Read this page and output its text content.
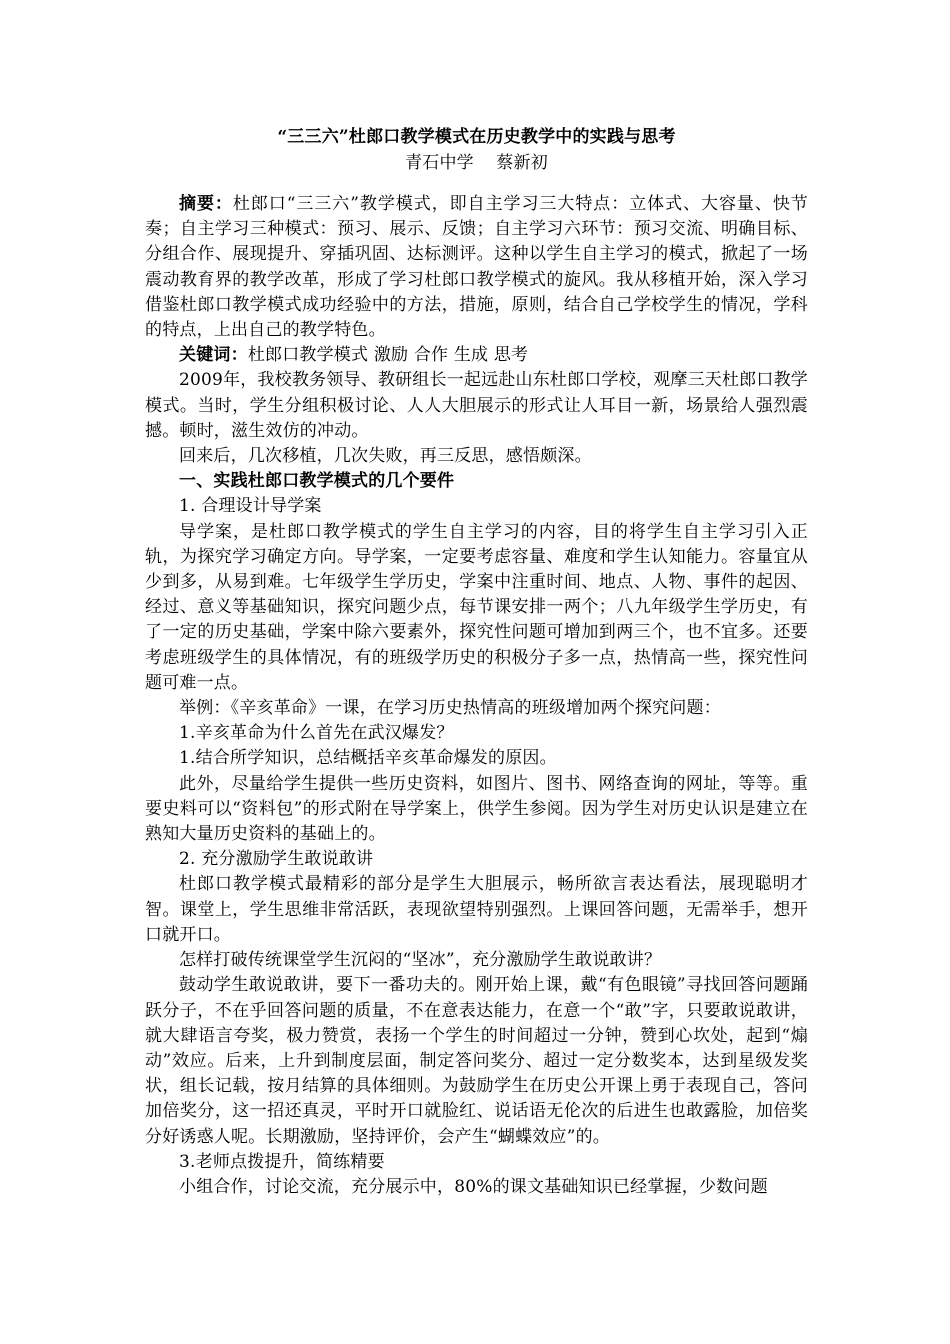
“三三六”杜郎口教学模式在历史教学中的实践与思考
青石中学    蔡新初

摘要：杜郎口“三三六”教学模式，即自主学习三大特点：立体式、大容量、快节奏；自主学习三种模式：预习、展示、反馈；自主学习六环节：预习交流、明确目标、分组合作、展现提升、穿插巩固、达标测评。这种以学生自主学习的模式，掀起了一场震动教育界的教学改革，形成了学习杜郎口教学模式的旋风。我从移植开始，深入学习借鉴杜郎口教学模式成功经验中的方法，措施，原则，结合自己学校学生的情况，学科的特点，上出自己的教学特色。

关键词：杜郎口教学模式 激励 合作 生成 思考

2009年，我校教务领导、教研组长一起远赴山东杜郎口学校，观摩三天杜郎口教学模式。当时，学生分组积极讨论、人人大胆展示的形式让人耳目一新，场景给人强烈震撼。顿时，滋生效仿的冲动。

回来后，几次移植，几次失败，再三反思，感悟颇深。

一、实践杜郎口教学模式的几个要件

1. 合理设计导学案

导学案，是杜郎口教学模式的学生自主学习的内容，目的将学生自主学习引入正轨，为探究学习确定方向。导学案，一定要考虑容量、难度和学生认知能力。容量宜从少到多，从易到难。七年级学生学历史，学案中注重时间、地点、人物、事件的起因、经过、意义等基础知识，探究问题少点，每节课安排一两个；八九年级学生学历史，有了一定的历史基础，学案中除六要素外，探究性问题可增加到两三个，也不宜多。还要考虑班级学生的具体情况，有的班级学历史的积极分子多一点，热情高一些，探究性问题可难一点。

举例：《辛亥革命》一课，在学习历史热情高的班级增加两个探究问题：

1.辛亥革命为什么首先在武汉爆发？

1.结合所学知识，总结概括辛亥革命爆发的原因。

此外，尽量给学生提供一些历史资料，如图片、图书、网络查询的网址，等等。重要史料可以“资料包”的形式附在导学案上，供学生参阅。因为学生对历史认识是建立在熟知大量历史资料的基础上的。

2. 充分激励学生敢说敢讲

杜郎口教学模式最精彩的部分是学生大胆展示，畅所欲言表达看法，展现聪明才智。课堂上，学生思维非常活跃，表现欲望特别强烈。上课回答问题，无需举手，想开口就开口。

怎样打破传统课堂学生沉闷的“坚冰”，充分激励学生敢说敢讲？

鼓动学生敢说敢讲，要下一番功夫的。刚开始上课，戴“有色眼镜”寻找回答问题踊跃分子，不在乎回答问题的质量，不在意表达能力，在意一个“敢”字，只要敢说敢讲，就大肆语言夸奖，极力赞赏，表扬一个学生的时间超过一分钟，赞到心坎处，起到“煽动”效应。后来，上升到制度层面，制定答问奖分、超过一定分数奖本，达到星级发奖状，组长记载，按月结算的具体细则。为鼓励学生在历史公开课上勇于表现自己，答问加倍奖分，这一招还真灵，平时开口就脸红、说话语无伦次的后进生也敢露脸，加倍奖分好诱惑人呢。长期激励，坚持评价，会产生“蝴蝶效应”的。

3.老师点拨提升，简练精要

小组合作，讨论交流，充分展示中，80%的课文基础知识已经掌握，少数问题
